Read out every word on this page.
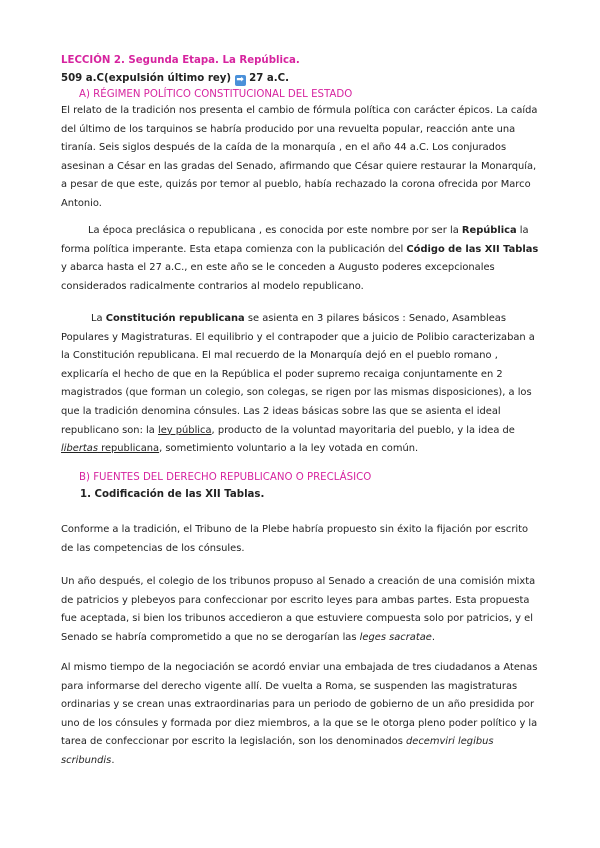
LECCIÓN 2. Segunda Etapa. La República.
509 a.C(expulsión último rey) ➡ 27 a.C.
A) RÉGIMEN POLÍTICO CONSTITUCIONAL DEL ESTADO

El relato de la tradición nos presenta el cambio de fórmula política con carácter épicos. La caída del último de los tarquinos se habría producido por una revuelta popular, reacción ante una tiranía. Seis siglos después de la caída de la monarquía , en el año 44 a.C. Los conjurados asesinan a César en las gradas del Senado, afirmando que César quiere restaurar la Monarquía, a pesar de que este, quizás por temor al pueblo, había rechazado la corona ofrecida por Marco Antonio.

La época preclásica o republicana , es conocida por este nombre por ser la República la forma política imperante. Esta etapa comienza con la publicación del Código de las XII Tablas y abarca hasta el 27 a.C., en este año se le conceden a Augusto poderes excepcionales considerados radicalmente contrarios al modelo republicano.

La Constitución republicana se asienta en 3 pilares básicos : Senado, Asambleas Populares y Magistraturas. El equilibrio y el contrapoder que a juicio de Polibio caracterizaban a la Constitución republicana. El mal recuerdo de la Monarquía dejó en el pueblo romano , explicaría el hecho de que en la República el poder supremo recaiga conjuntamente en 2 magistrados (que forman un colegio, son colegas, se rigen por las mismas disposiciones), a los que la tradición denomina cónsules. Las 2 ideas básicas sobre las que se asienta el ideal republicano son: la ley pública, producto de la voluntad mayoritaria del pueblo, y la idea de libertas republicana, sometimiento voluntario a la ley votada en común.

B) FUENTES DEL DERECHO REPUBLICANO O PRECLÁSICO
1. Codificación de las XII Tablas.

Conforme a la tradición, el Tribuno de la Plebe habría propuesto sin éxito la fijación por escrito de las competencias de los cónsules.

Un año después, el colegio de los tribunos propuso al Senado a creación de una comisión mixta de patricios y plebeyos para confeccionar por escrito leyes para ambas partes. Esta propuesta fue aceptada, si bien los tribunos accedieron a que estuviere compuesta solo por patricios, y el Senado se habría comprometido a que no se derogarían las leges sacratae.

Al mismo tiempo de la negociación se acordó enviar una embajada de tres ciudadanos a Atenas para informarse del derecho vigente allí. De vuelta a Roma, se suspenden las magistraturas ordinarias y se crean unas extraordinarias para un periodo de gobierno de un año presidida por uno de los cónsules y formada por diez miembros, a la que se le otorga pleno poder político y la tarea de confeccionar por escrito la legislación, son los denominados decemviri legibus scribundis.
